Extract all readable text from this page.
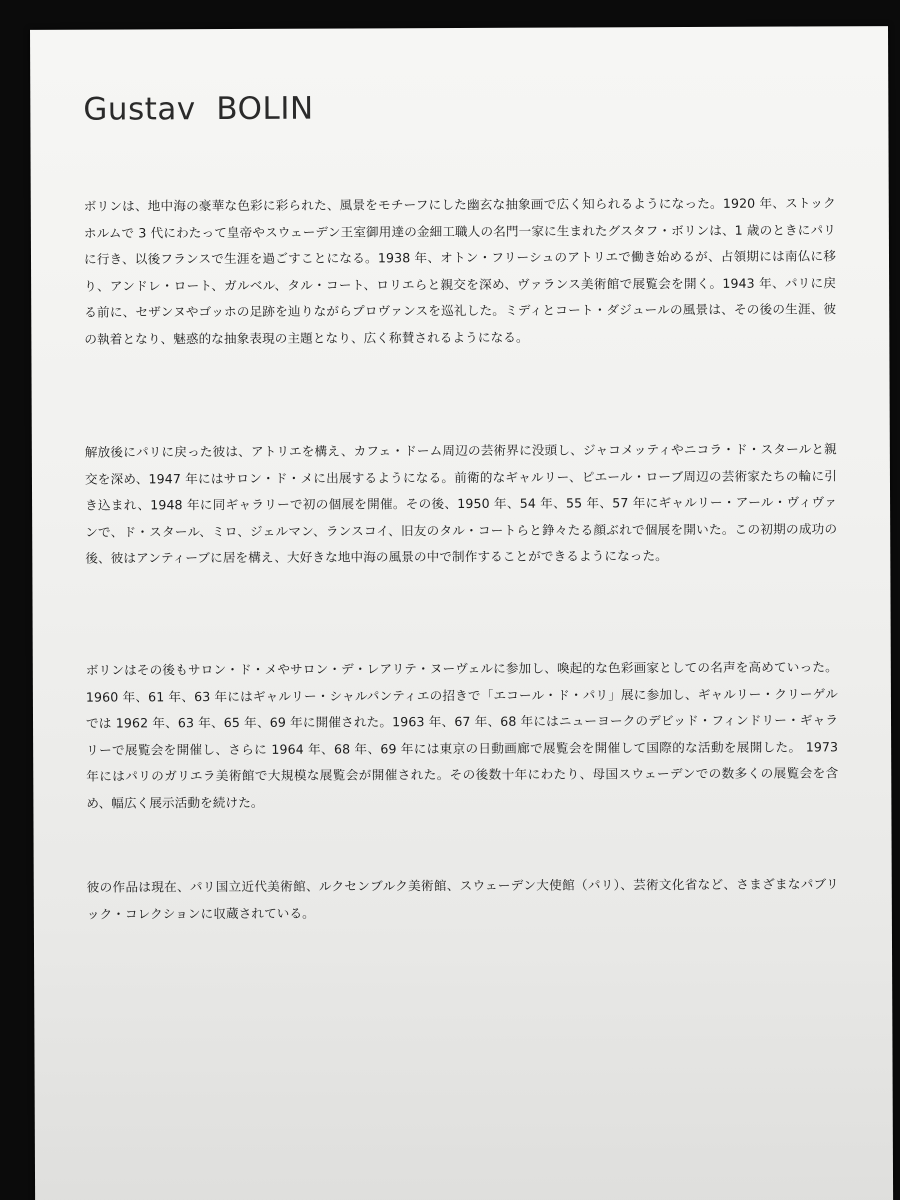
Gustav  BOLIN

ボリンは、地中海の豪華な色彩に彩られた、風景をモチーフにした幽玄な抽象画で広く知られるようになった。1920 年、ストックホルムで 3 代にわたって皇帝やスウェーデン王室御用達の金細工職人の名門一家に生まれたグスタフ・ボリンは、1 歳のときにパリに行き、以後フランスで生涯を過ごすことになる。1938 年、オトン・フリーシュのアトリエで働き始めるが、占領期には南仏に移り、アンドレ・ロート、ガルベル、タル・コート、ロリエらと親交を深め、ヴァランス美術館で展覧会を開く。1943 年、パリに戻る前に、セザンヌやゴッホの足跡を辿りながらプロヴァンスを巡礼した。ミディとコート・ダジュールの風景は、その後の生涯、彼の執着となり、魅惑的な抽象表現の主題となり、広く称賛されるようになる。

解放後にパリに戻った彼は、アトリエを構え、カフェ・ドーム周辺の芸術界に没頭し、ジャコメッティやニコラ・ド・スタールと親交を深め、1947 年にはサロン・ド・メに出展するようになる。前衛的なギャルリー、ピエール・ローブ周辺の芸術家たちの輪に引き込まれ、1948 年に同ギャラリーで初の個展を開催。その後、1950 年、54 年、55 年、57 年にギャルリー・アール・ヴィヴァンで、ド・スタール、ミロ、ジェルマン、ランスコイ、旧友のタル・コートらと錚々たる顔ぶれで個展を開いた。この初期の成功の後、彼はアンティーブに居を構え、大好きな地中海の風景の中で制作することができるようになった。

ボリンはその後もサロン・ド・メやサロン・デ・レアリテ・ヌーヴェルに参加し、喚起的な色彩画家としての名声を高めていった。1960 年、61 年、63 年にはギャルリー・シャルパンティエの招きで「エコール・ド・パリ」展に参加し、ギャルリー・クリーゲルでは 1962 年、63 年、65 年、69 年に開催された。1963 年、67 年、68 年にはニューヨークのデビッド・フィンドリー・ギャラリーで展覧会を開催し、さらに 1964 年、68 年、69 年には東京の日動画廊で展覧会を開催して国際的な活動を展開した。 1973 年にはパリのガリエラ美術館で大規模な展覧会が開催された。その後数十年にわたり、母国スウェーデンでの数多くの展覧会を含め、幅広く展示活動を続けた。

彼の作品は現在、パリ国立近代美術館、ルクセンブルク美術館、スウェーデン大使館（パリ）、芸術文化省など、さまざまなパブリック・コレクションに収蔵されている。
